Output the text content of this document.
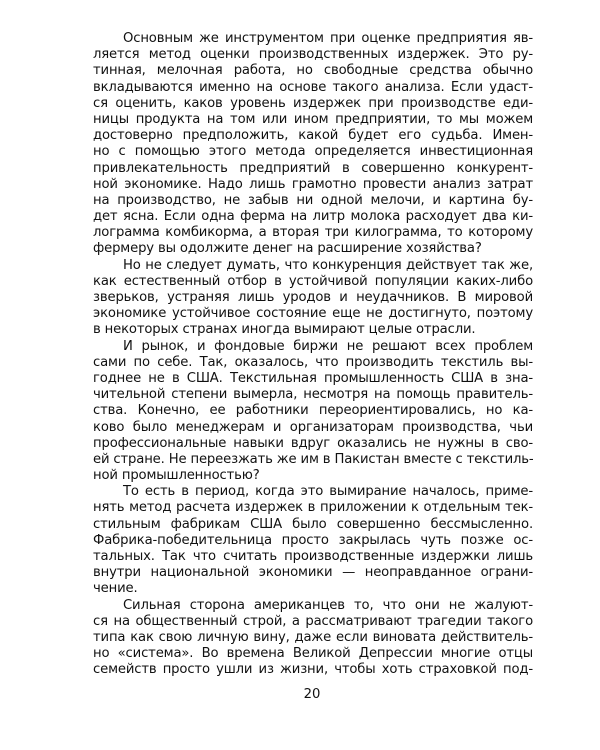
Основным же инструментом при оценке предприятия яв-
ляется метод оценки производственных издержек. Это ру-
тинная, мелочная работа, но свободные средства обычно
вкладываются именно на основе такого анализа. Если удаст-
ся оценить, каков уровень издержек при производстве еди-
ницы продукта на том или ином предприятии, то мы можем
достоверно предположить, какой будет его судьба. Имен-
но с помощью этого метода определяется инвестиционная
привлекательность предприятий в совершенно конкурент-
ной экономике. Надо лишь грамотно провести анализ затрат
на производство, не забыв ни одной мелочи, и картина бу-
дет ясна. Если одна ферма на литр молока расходует два ки-
лограмма комбикорма, а вторая три килограмма, то которому
фермеру вы одолжите денег на расширение хозяйства?
Но не следует думать, что конкуренция действует так же,
как естественный отбор в устойчивой популяции каких-либо
зверьков, устраняя лишь уродов и неудачников. В мировой
экономике устойчивое состояние еще не достигнуто, поэтому
в некоторых странах иногда вымирают целые отрасли.
И рынок, и фондовые биржи не решают всех проблем
сами по себе. Так, оказалось, что производить текстиль вы-
годнее не в США. Текстильная промышленность США в зна-
чительной степени вымерла, несмотря на помощь правитель-
ства. Конечно, ее работники переориентировались, но ка-
ково было менеджерам и организаторам производства, чьи
профессиональные навыки вдруг оказались не нужны в сво-
ей стране. Не переезжать же им в Пакистан вместе с текстиль-
ной промышленностью?
То есть в период, когда это вымирание началось, приме-
нять метод расчета издержек в приложении к отдельным тек-
стильным фабрикам США было совершенно бессмысленно.
Фабрика-победительница просто закрылась чуть позже ос-
тальных. Так что считать производственные издержки лишь
внутри национальной экономики — неоправданное ограни-
чение.
Сильная сторона американцев то, что они не жалуют-
ся на общественный строй, а рассматривают трагедии такого
типа как свою личную вину, даже если виновата действитель-
но «система». Во времена Великой Депрессии многие отцы
семейств просто ушли из жизни, чтобы хоть страховкой под-
20
